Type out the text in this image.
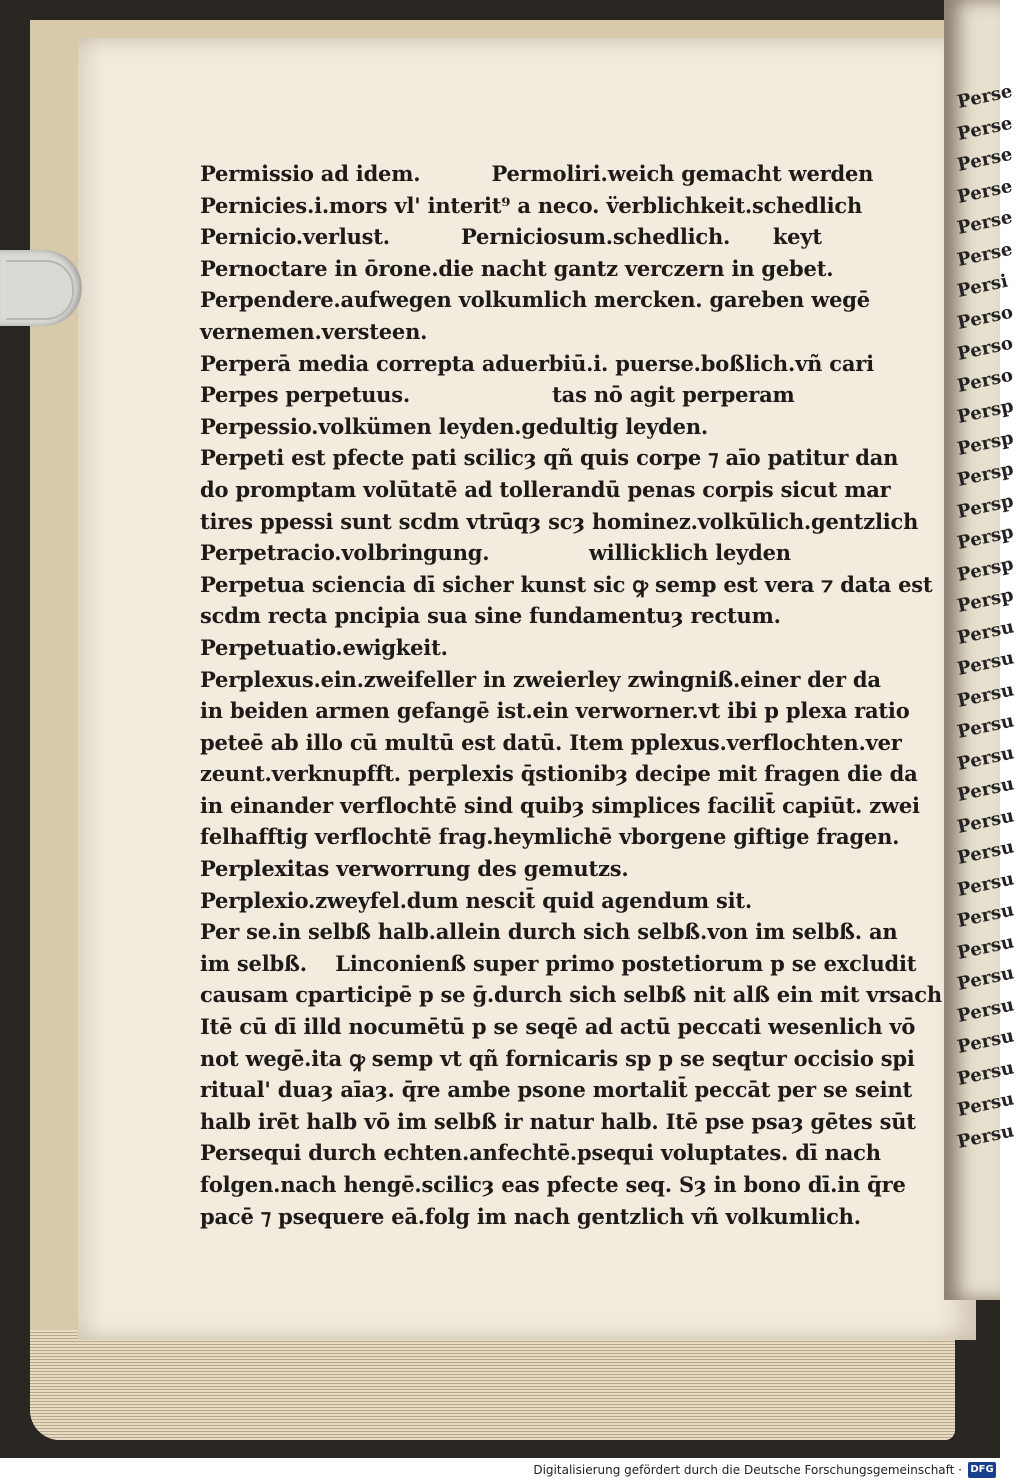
Permissio ad idem.          Permoliri.weich gemacht werden
Pernicies.i.mors vl' interit⁹ a neco. v̈erblichkeit.schedlich
Pernicio.verlust.          Perniciosum.schedlich.      keyt
Pernoctare in ōrone.die nacht gantz verczern in gebet.
Perpendere.aufwegen volkumlich mercken. gareben wegē
vernemen.versteen.
Perperā media correpta aduerbiū.i. puerse.boßlich.vñ cari
Perpes perpetuus.                    tas nō agit perperam
Perpessio.volkümen leyden.gedultig leyden.
Perpeti est pfecte pati scilicȝ qñ quis corpe ⁊ aīo patitur dan
do promptam volūtatē ad tollerandū penas corpis sicut mar
tires ppessi sunt scdm vtrūqȝ scȝ hominez.volkūlich.gentzlich
Perpetracio.volbringung.              willicklich leyden
Perpetua sciencia dī sicher kunst sic ꝙ semp est vera ⁊ data est
scdm recta pncipia sua sine fundamentuȝ rectum.
Perpetuatio.ewigkeit.
Perplexus.ein.zweifeller in zweierley zwingniß.einer der da
in beiden armen gefangē ist.ein verworner.vt ibi p plexa ratio
peteē ab illo cū multū est datū. Item pplexus.verflochten.ver
zeunt.verknupfft. perplexis q̄stionibȝ decipe mit fragen die da
in einander verflochtē sind quibȝ simplices facilit̄ capiūt. zwei
felhafftig verflochtē frag.heymlichē vborgene giftige fragen.
Perplexitas verworrung des gemutzs.
Perplexio.zweyfel.dum nescit̄ quid agendum sit.
Per se.in selbß halb.allein durch sich selbß.von im selbß. an
im selbß.    Linconienß super primo postetiorum p se excludit
causam cparticipē p se ḡ.durch sich selbß nit alß ein mit vrsach
Itē cū dī illd nocumētū p se seqē ad actū peccati wesenlich vō
not wegē.ita ꝙ semp vt qñ fornicaris sp p se seqtur occisio spi
ritual' duaȝ aīaȝ. q̄re ambe psone mortalit̄ peccāt per se seint
halb irēt halb vō im selbß ir natur halb. Itē pse psaȝ gētes sūt
Persequi durch echten.anfechtē.psequi voluptates. dī nach
folgen.nach hengē.scilicȝ eas pfecte seq. Sȝ in bono dī.in q̄re
pacē ⁊ psequere eā.folg im nach gentzlich vñ volkumlich.
Perse
Perse
Perse
Perse
Perse
Perse
Persi
Perso
Perso
Perso
Persp
Persp
Persp
Persp
Persp
Persp
Persp
Persu
Persu
Persu
Persu
Persu
Persu
Persu
Persu
Persu
Persu
Persu
Persu
Persu
Persu
Persu
Persu
Persu
Digitalisierung gefördert durch die Deutsche Forschungsgemeinschaft · DFG
